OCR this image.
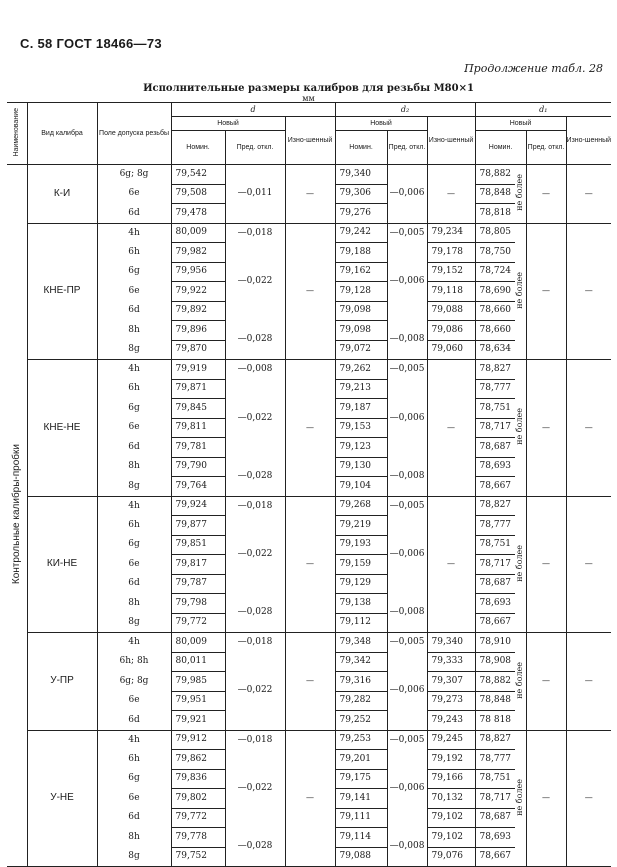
С. 58 ГОСТ 18466—73
Продолжение табл. 28
Исполнительные размеры калибров для резьбы М80×1
мм
Наименование	Вид калибра	Поле допуска резьбы	d			d₂			d₁			
			Новый		Изно-шенный	Новый		Изно-шенный	Новый			Изно-шенный
			Номин.	Пред. откл.		Номин.	Пред. откл.		Номин.		Пред. откл.	
Контрольные калибры-пробки	К-И	6g; 8g	79,542	—0,011	—	79,340	—0,006	—	78,882	не более	—	—
		6e	79,508			79,306			78,848			
		6d	79,478			79,276			78,818			
	КНЕ-ПР	4h	80,009	—0,018	—	79,242	—0,005	79,234	78,805	не более	—	—
		6h	79,982	—0,022		79,188	—0,006	79,178	78,750			
		6g	79,956			79,162		79,152	78,724			
		6e	79,922			79,128		79,118	78,690			
		6d	79,892			79,098		79,088	78,660			
		8h	79,896	—0,028		79,098	—0,008	79,086	78,660			
		8g	79,870			79,072		79,060	78,634			
	КНЕ-НЕ	4h	79,919	—0,008	—	79,262	—0,005	—	78,827	не более	—	—
		6h	79,871	—0,022		79,213	—0,006		78,777			
		6g	79,845			79,187			78,751			
		6e	79,811			79,153			78,717			
		6d	79,781			79,123			78,687			
		8h	79,790	—0,028		79,130	—0,008		78,693			
		8g	79,764			79,104			78,667			
	КИ-НЕ	4h	79,924	—0,018	—	79,268	—0,005	—	78,827	не более	—	—
		6h	79,877	—0,022		79,219	—0,006		78,777			
		6g	79,851			79,193			78,751			
		6e	79,817			79,159			78,717			
		6d	79,787			79,129			78,687			
		8h	79,798	—0,028		79,138	—0,008		78,693			
		8g	79,772			79,112			78,667			
	У-ПР	4h	80,009	—0,018	—	79,348	—0,005	79,340	78,910	не более	—	—
		6h; 8h	80,011	—0,022		79,342	—0,006	79,333	78,908			
		6g; 8g	79,985			79,316		79,307	78,882			
		6e	79,951			79,282		79,273	78,848			
		6d	79,921			79,252		79,243	78 818			
	У-НЕ	4h	79,912	—0,018	—	79,253	—0,005	79,245	78,827	не более	—	—
		6h	79,862	—0,022		79,201	—0,006	79,192	78,777			
		6g	79,836			79,175		79,166	78,751			
		6e	79,802			79,141		70,132	78,717			
		6d	79,772			79,111		79,102	78,687			
		8h	79,778	—0,028		79,114	—0,008	79,102	78,693			
		8g	79,752			79,088		79,076	78,667			
